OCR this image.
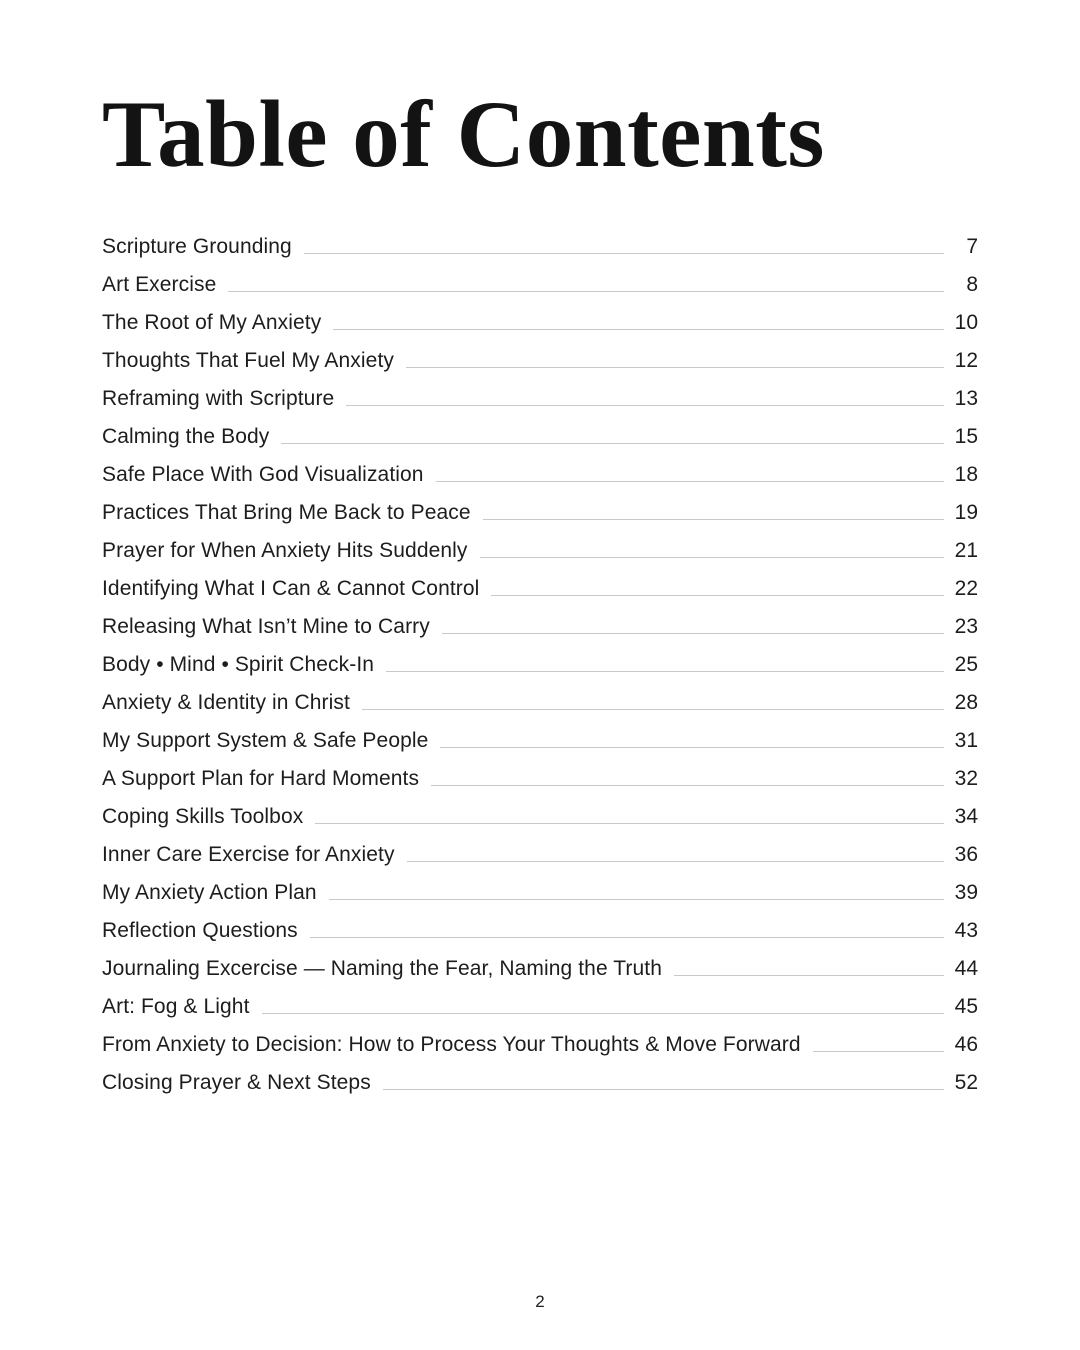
Table of Contents
Scripture Grounding	7
Art Exercise	8
The Root of My Anxiety	10
Thoughts That Fuel My Anxiety	12
Reframing with Scripture	13
Calming the Body	15
Safe Place With God Visualization	18
Practices That Bring Me Back to Peace	19
Prayer for When Anxiety Hits Suddenly	21
Identifying What I Can & Cannot Control	22
Releasing What Isn’t Mine to Carry	23
Body • Mind • Spirit Check-In	25
Anxiety & Identity in Christ	28
My Support System & Safe People	31
A Support Plan for Hard Moments	32
Coping Skills Toolbox	34
Inner Care Exercise for Anxiety	36
My Anxiety Action Plan	39
Reflection Questions	43
Journaling Excercise — Naming the Fear, Naming the Truth	44
Art: Fog & Light	45
From Anxiety to Decision: How to Process Your Thoughts & Move Forward	46
Closing Prayer & Next Steps	52
2
